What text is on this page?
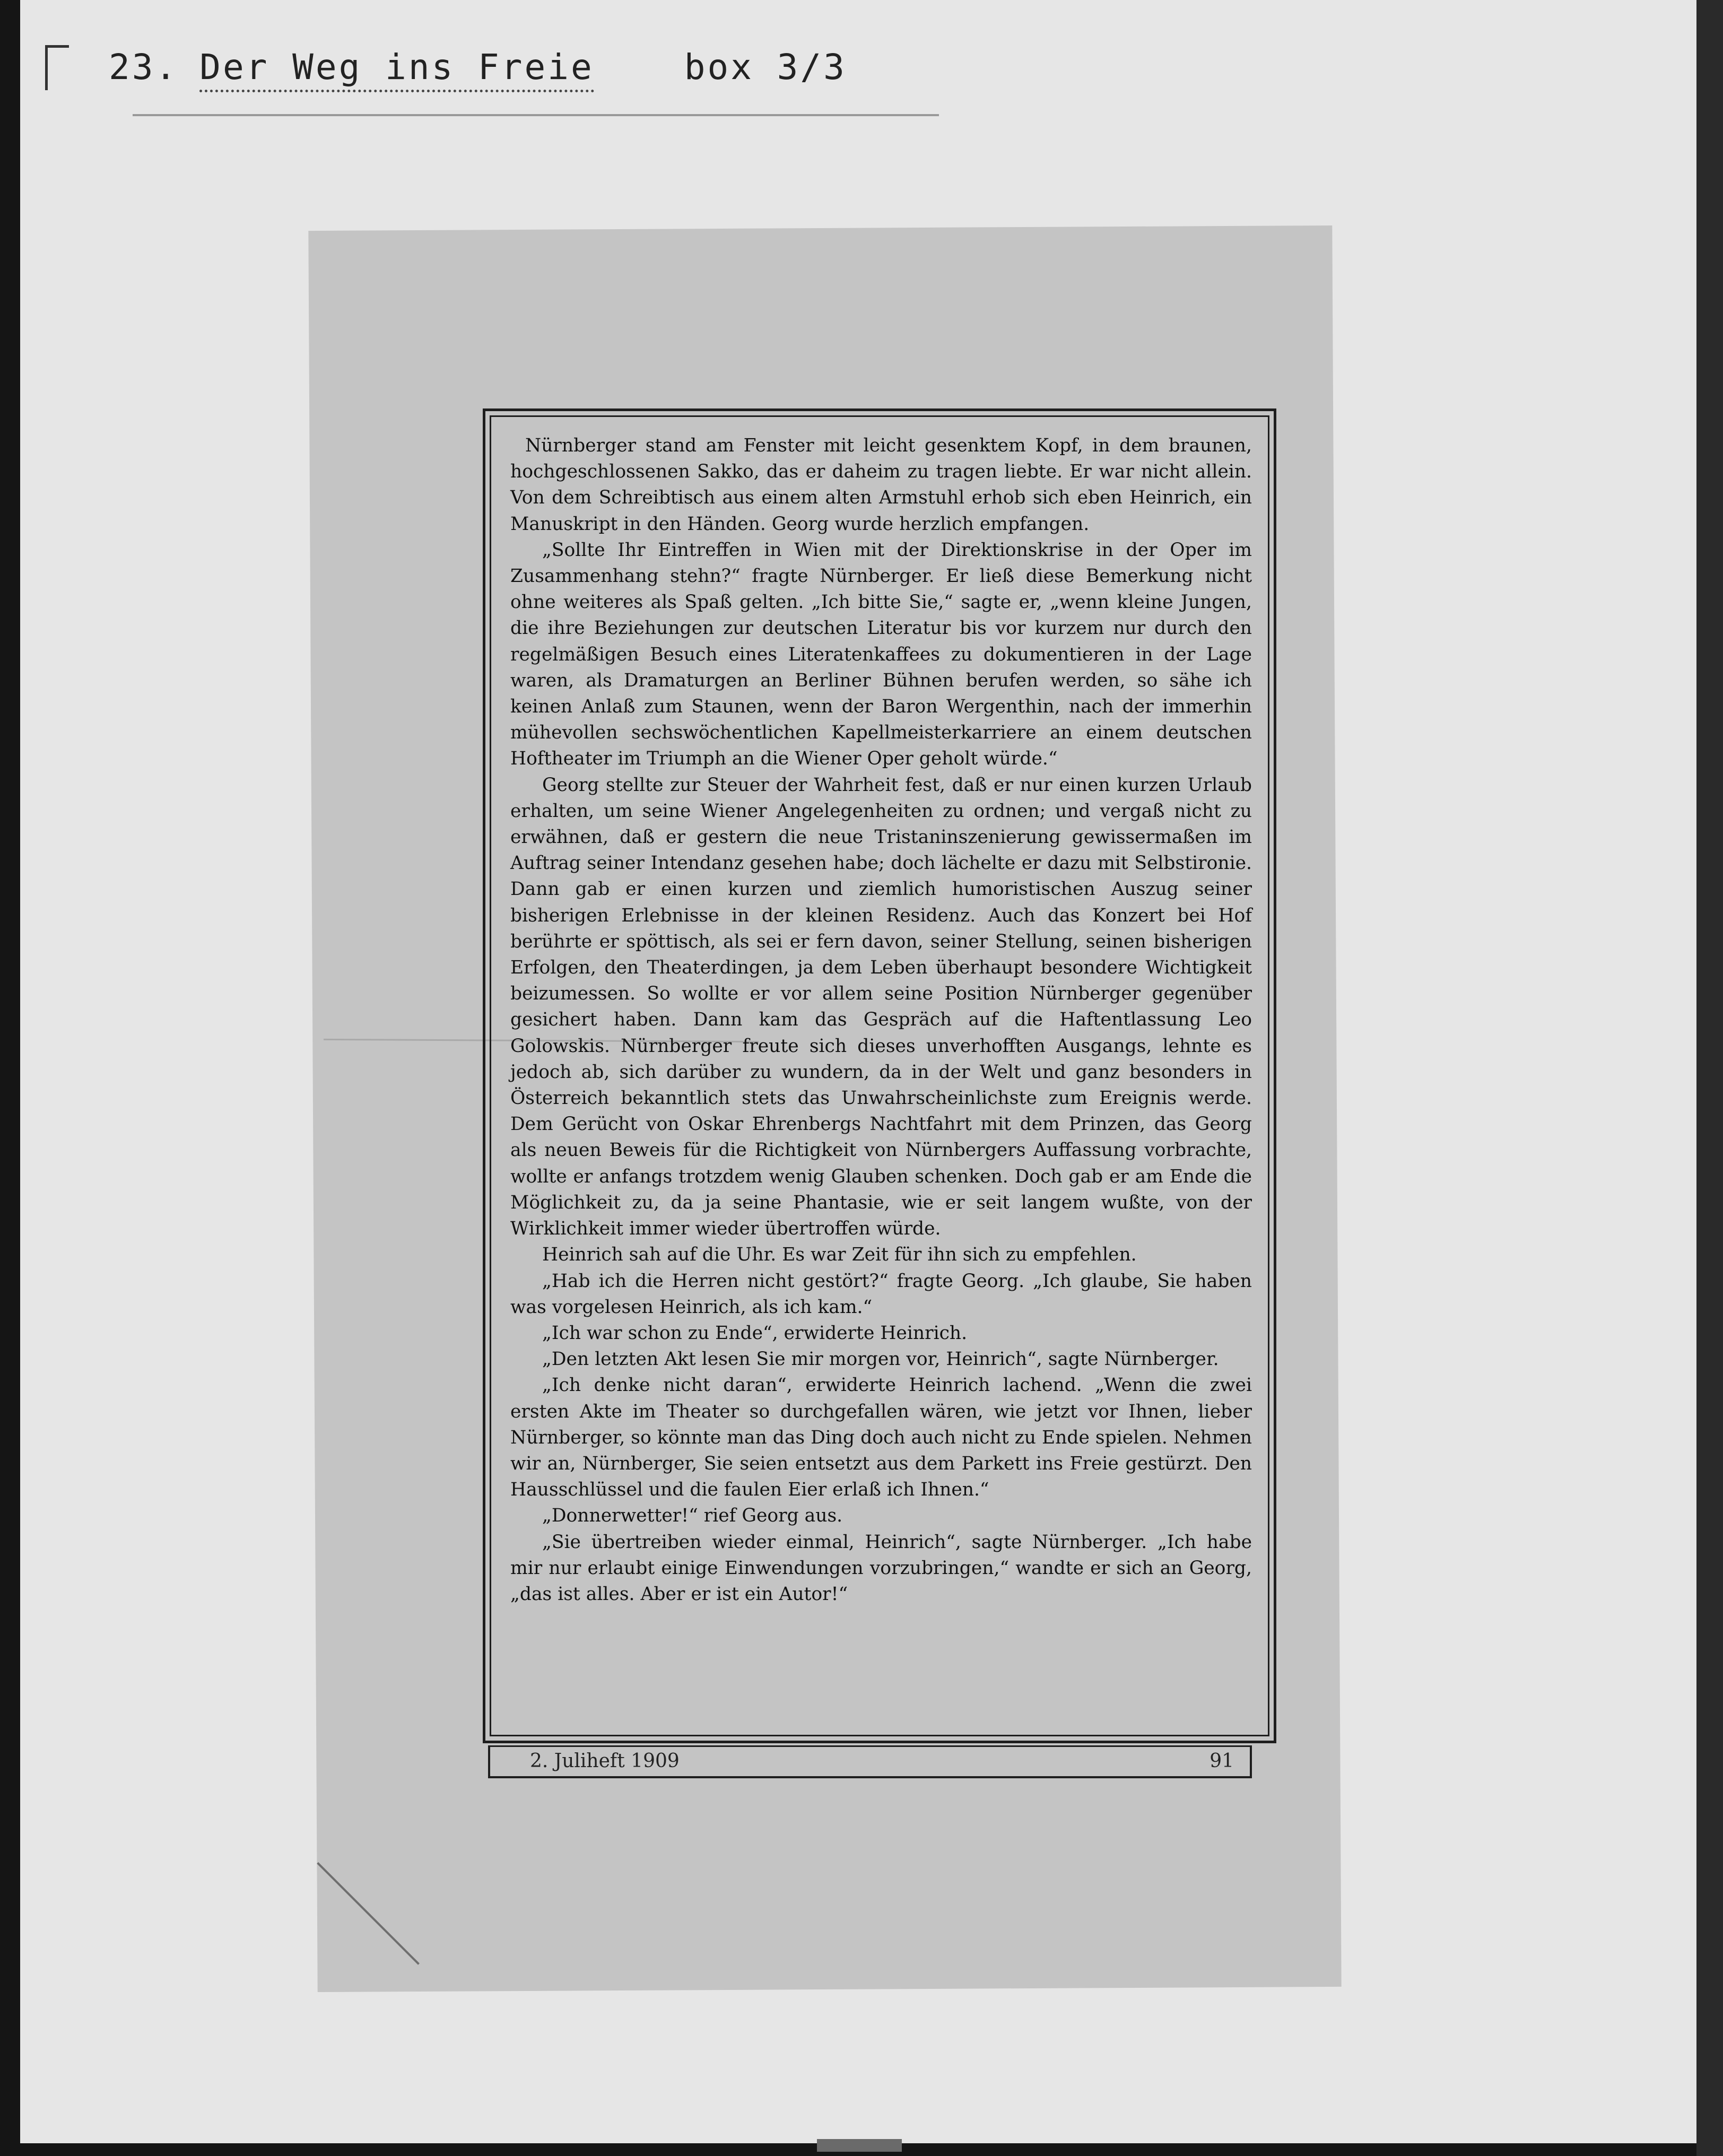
23. Der Weg ins Freie	box 3/3

Nürnberger stand am Fenster mit leicht gesenktem Kopf, in dem braunen, hochgeschlossenen Sakko, das er daheim zu tragen liebte. Er war nicht allein. Von dem Schreibtisch aus einem alten Armstuhl erhob sich eben Heinrich, ein Manuskript in den Händen. Georg wurde herzlich empfangen.

„Sollte Ihr Eintreffen in Wien mit der Direktionskrise in der Oper im Zusammenhang stehn?“ fragte Nürnberger. Er ließ diese Bemerkung nicht ohne weiteres als Spaß gelten. „Ich bitte Sie,“ sagte er, „wenn kleine Jungen, die ihre Beziehungen zur deutschen Literatur bis vor kurzem nur durch den regelmäßigen Besuch eines Literatenkaffees zu dokumentieren in der Lage waren, als Dramaturgen an Berliner Bühnen berufen werden, so sähe ich keinen Anlaß zum Staunen, wenn der Baron Wergenthin, nach der immerhin mühevollen sechswöchentlichen Kapellmeisterkarriere an einem deutschen Hoftheater im Triumph an die Wiener Oper geholt würde.“

Georg stellte zur Steuer der Wahrheit fest, daß er nur einen kurzen Urlaub erhalten, um seine Wiener Angelegenheiten zu ordnen; und vergaß nicht zu erwähnen, daß er gestern die neue Tristaninszenierung gewissermaßen im Auftrag seiner Intendanz gesehen habe; doch lächelte er dazu mit Selbstironie. Dann gab er einen kurzen und ziemlich humoristischen Auszug seiner bisherigen Erlebnisse in der kleinen Residenz. Auch das Konzert bei Hof berührte er spöttisch, als sei er fern davon, seiner Stellung, seinen bisherigen Erfolgen, den Theaterdingen, ja dem Leben überhaupt besondere Wichtigkeit beizumessen. So wollte er vor allem seine Position Nürnberger gegenüber gesichert haben. Dann kam das Gespräch auf die Haftentlassung Leo Golowskis. Nürnberger freute sich dieses unverhofften Ausgangs, lehnte es jedoch ab, sich darüber zu wundern, da in der Welt und ganz besonders in Österreich bekanntlich stets das Unwahrscheinlichste zum Ereignis werde. Dem Gerücht von Oskar Ehrenbergs Nachtfahrt mit dem Prinzen, das Georg als neuen Beweis für die Richtigkeit von Nürnbergers Auffassung vorbrachte, wollte er anfangs trotzdem wenig Glauben schenken. Doch gab er am Ende die Möglichkeit zu, da ja seine Phantasie, wie er seit langem wußte, von der Wirklichkeit immer wieder übertroffen würde.

Heinrich sah auf die Uhr. Es war Zeit für ihn sich zu empfehlen.

„Hab ich die Herren nicht gestört?“ fragte Georg. „Ich glaube, Sie haben was vorgelesen Heinrich, als ich kam.“

„Ich war schon zu Ende“, erwiderte Heinrich.

„Den letzten Akt lesen Sie mir morgen vor, Heinrich“, sagte Nürnberger.

„Ich denke nicht daran“, erwiderte Heinrich lachend. „Wenn die zwei ersten Akte im Theater so durchgefallen wären, wie jetzt vor Ihnen, lieber Nürnberger, so könnte man das Ding doch auch nicht zu Ende spielen. Nehmen wir an, Nürnberger, Sie seien entsetzt aus dem Parkett ins Freie gestürzt. Den Hausschlüssel und die faulen Eier erlaß ich Ihnen.“

„Donnerwetter!“ rief Georg aus.

„Sie übertreiben wieder einmal, Heinrich“, sagte Nürnberger. „Ich habe mir nur erlaubt einige Einwendungen vorzubringen,“ wandte er sich an Georg, „das ist alles. Aber er ist ein Autor!“

2. Juliheft 1909	91
